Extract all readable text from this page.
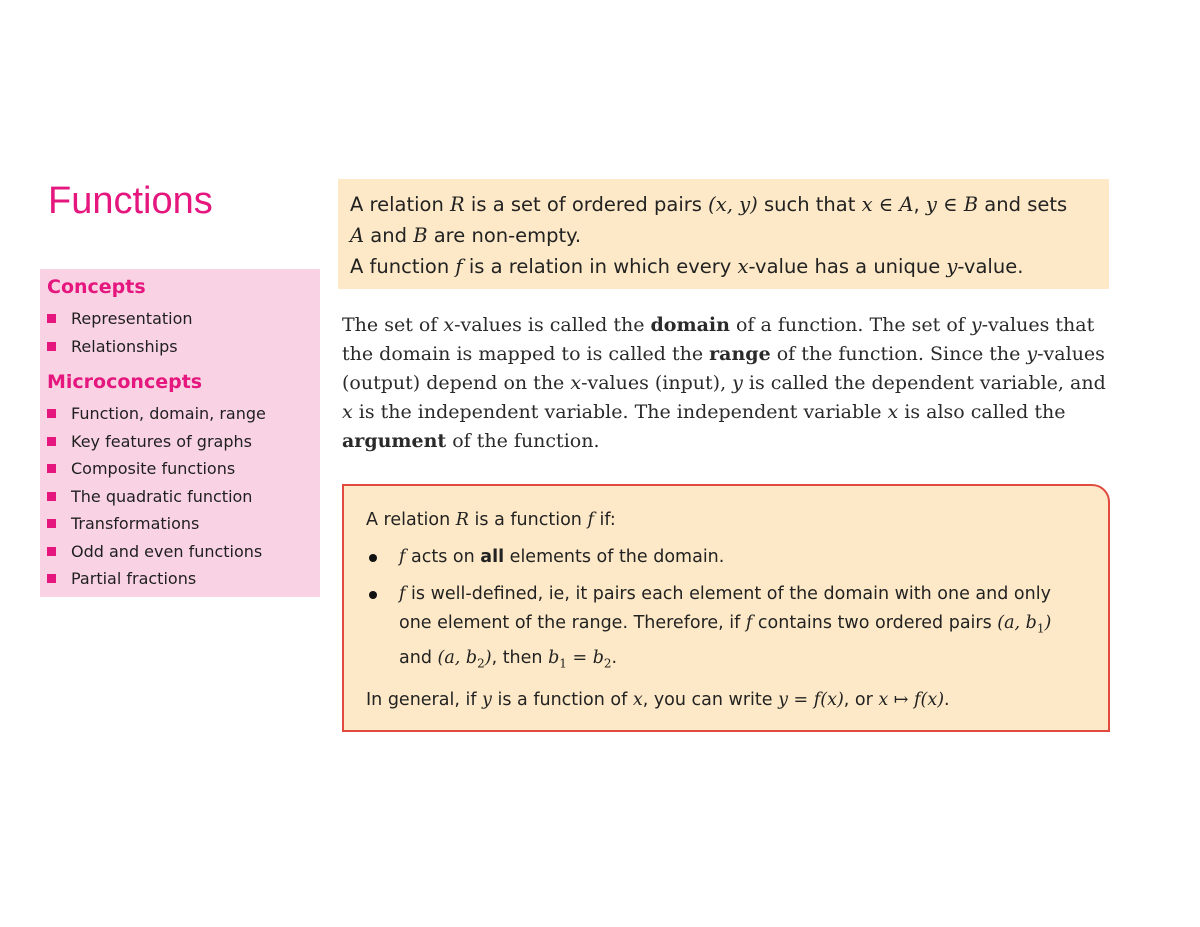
Functions
Concepts
Representation
Relationships
Microconcepts
Function, domain, range
Key features of graphs
Composite functions
The quadratic function
Transformations
Odd and even functions
Partial fractions

A relation R is a set of ordered pairs (x, y) such that x ∈ A, y ∈ B and sets

A and B are non-empty.

A function f is a relation in which every x-value has a unique y-value.

The set of x-values is called the domain of a function. The set of y-values that the domain is mapped to is called the range of the function. Since the y-values (output) depend on the x-values (input), y is called the dependent variable, and x is the independent variable. The independent variable x is also called the argument of the function.

A relation R is a function f if:

f acts on all elements of the domain.
f is well-defined, ie, it pairs each element of the domain with one and only one element of the range. Therefore, if f contains two ordered pairs (a, $b_1$) and (a, $b_2$), then $b_1 = b_2$.

In general, if y is a function of x, you can write y = f(x), or x ↦ f(x).
